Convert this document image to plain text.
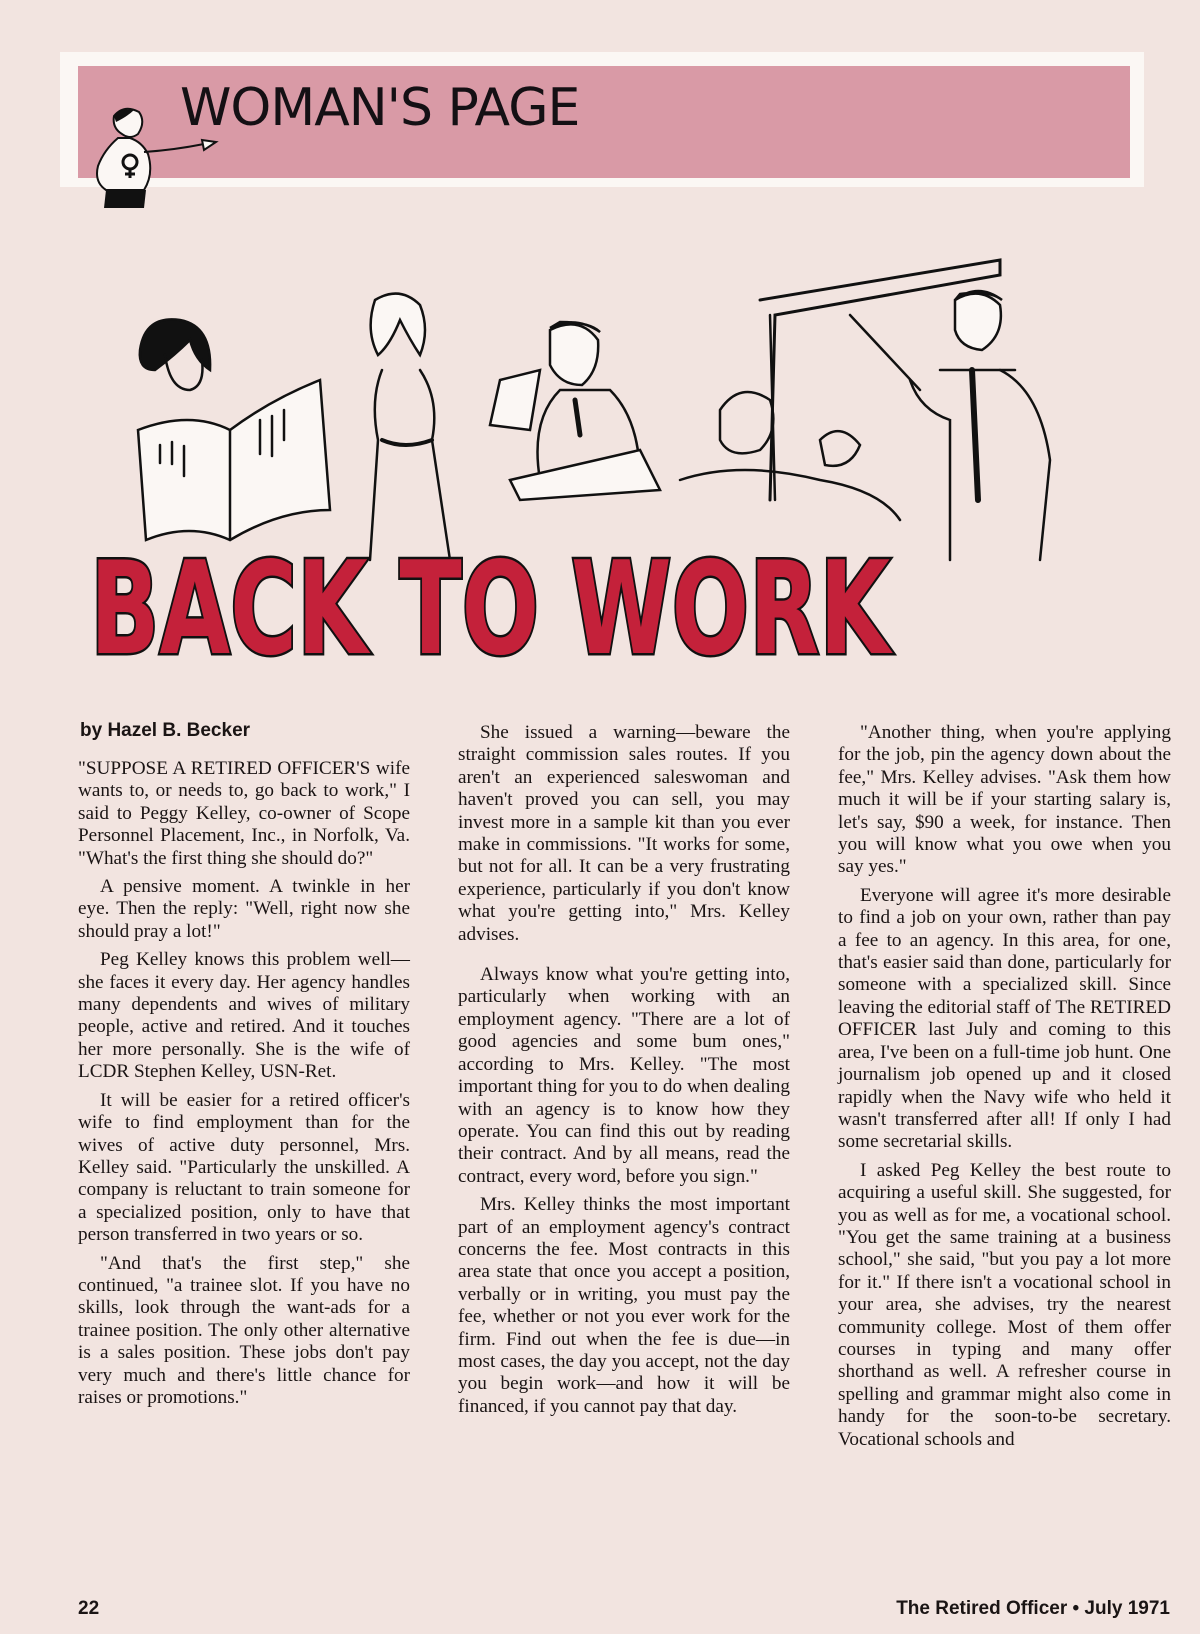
WOMAN'S PAGE
BACK TO WORK
by Hazel B. Becker

"SUPPOSE A RETIRED OFFICER'S wife wants to, or needs to, go back to work," I said to Peggy Kelley, co-owner of Scope Personnel Placement, Inc., in Norfolk, Va. "What's the first thing she should do?"

A pensive moment. A twinkle in her eye. Then the reply: "Well, right now she should pray a lot!"

Peg Kelley knows this problem well—she faces it every day. Her agency handles many dependents and wives of military people, active and retired. And it touches her more personally. She is the wife of LCDR Stephen Kelley, USN-Ret.

It will be easier for a retired officer's wife to find employment than for the wives of active duty personnel, Mrs. Kelley said. "Particularly the unskilled. A company is reluctant to train someone for a specialized position, only to have that person transferred in two years or so.

"And that's the first step," she continued, "a trainee slot. If you have no skills, look through the want-ads for a trainee position. The only other alternative is a sales position. These jobs don't pay very much and there's little chance for raises or promotions."

She issued a warning—beware the straight commission sales routes. If you aren't an experienced saleswoman and haven't proved you can sell, you may invest more in a sample kit than you ever make in commissions. "It works for some, but not for all. It can be a very frustrating experience, particularly if you don't know what you're getting into," Mrs. Kelley advises.

Always know what you're getting into, particularly when working with an employment agency. "There are a lot of good agencies and some bum ones," according to Mrs. Kelley. "The most important thing for you to do when dealing with an agency is to know how they operate. You can find this out by reading their contract. And by all means, read the contract, every word, before you sign."

Mrs. Kelley thinks the most important part of an employment agency's contract concerns the fee. Most contracts in this area state that once you accept a position, verbally or in writing, you must pay the fee, whether or not you ever work for the firm. Find out when the fee is due—in most cases, the day you accept, not the day you begin work—and how it will be financed, if you cannot pay that day.

"Another thing, when you're applying for the job, pin the agency down about the fee," Mrs. Kelley advises. "Ask them how much it will be if your starting salary is, let's say, $90 a week, for instance. Then you will know what you owe when you say yes."

Everyone will agree it's more desirable to find a job on your own, rather than pay a fee to an agency. In this area, for one, that's easier said than done, particularly for someone with a specialized skill. Since leaving the editorial staff of The RETIRED OFFICER last July and coming to this area, I've been on a full-time job hunt. One journalism job opened up and it closed rapidly when the Navy wife who held it wasn't transferred after all! If only I had some secretarial skills.

I asked Peg Kelley the best route to acquiring a useful skill. She suggested, for you as well as for me, a vocational school. "You get the same training at a business school," she said, "but you pay a lot more for it." If there isn't a vocational school in your area, she advises, try the nearest community college. Most of them offer courses in typing and many offer shorthand as well. A refresher course in spelling and grammar might also come in handy for the soon-to-be secretary. Vocational schools and

22	The Retired Officer • July 1971
